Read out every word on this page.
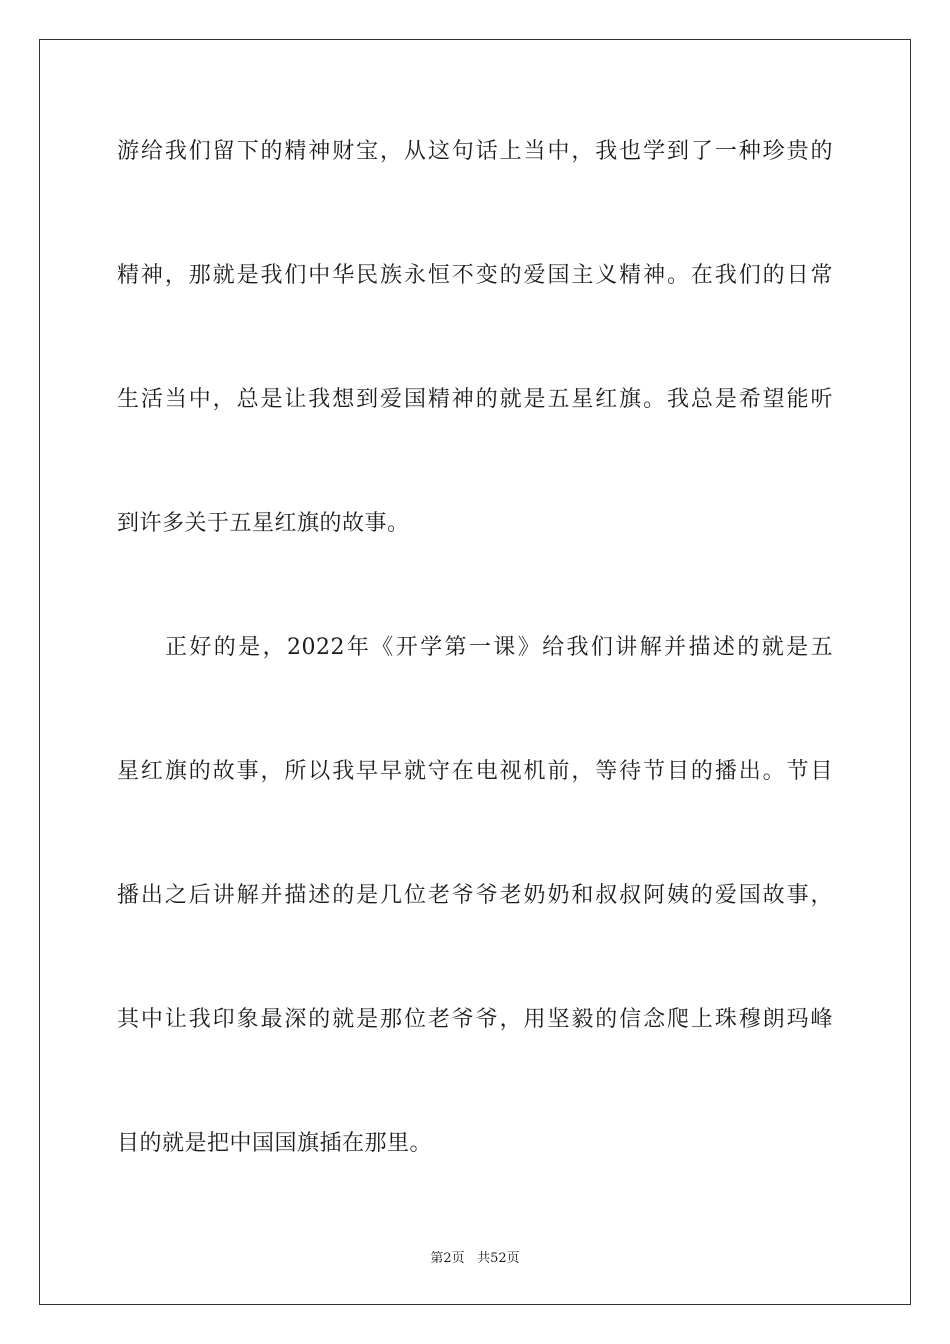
游给我们留下的精神财宝，从这句话上当中，我也学到了一种珍贵的
精神，那就是我们中华民族永恒不变的爱国主义精神。在我们的日常
生活当中，总是让我想到爱国精神的就是五星红旗。我总是希望能听
到许多关于五星红旗的故事。
正好的是，2022年《开学第一课》给我们讲解并描述的就是五
星红旗的故事，所以我早早就守在电视机前，等待节目的播出。节目
播出之后讲解并描述的是几位老爷爷老奶奶和叔叔阿姨的爱国故事，
其中让我印象最深的就是那位老爷爷，用坚毅的信念爬上珠穆朗玛峰
目的就是把中国国旗插在那里。
第2页 共52页
